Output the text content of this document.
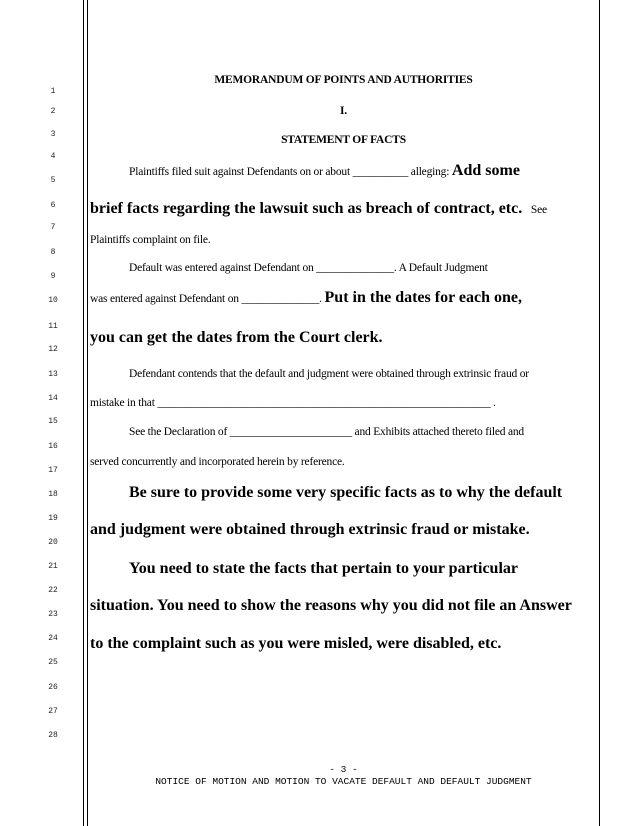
1
2
3
4
5
6
7
8
9
10
11
12
13
14
15
16
17
18
19
20
21
22
23
24
25
26
27
28
MEMORANDUM OF POINTS AND AUTHORITIES
I.
STATEMENT OF FACTS
Plaintiffs filed suit against Defendants on or about __________ alleging: Add some
brief facts regarding the lawsuit such as breach of contract, etc. See
Plaintiffs complaint on file.
Default was entered against Defendant on ______________. A Default Judgment
was entered against Defendant on ______________. Put in the dates for each one,
you can get the dates from the Court clerk.
Defendant contends that the default and judgment were obtained through extrinsic fraud or
mistake in that ____________________________________________________________ .
See the Declaration of ______________________ and Exhibits attached thereto filed and
served concurrently and incorporated herein by reference.
Be sure to provide some very specific facts as to why the default
and judgment were obtained through extrinsic fraud or mistake.
You need to state the facts that pertain to your particular
situation. You need to show the reasons why you did not file an Answer
to the complaint such as you were misled, were disabled, etc.
- 3 -
NOTICE OF MOTION AND MOTION TO VACATE DEFAULT AND DEFAULT JUDGMENT
